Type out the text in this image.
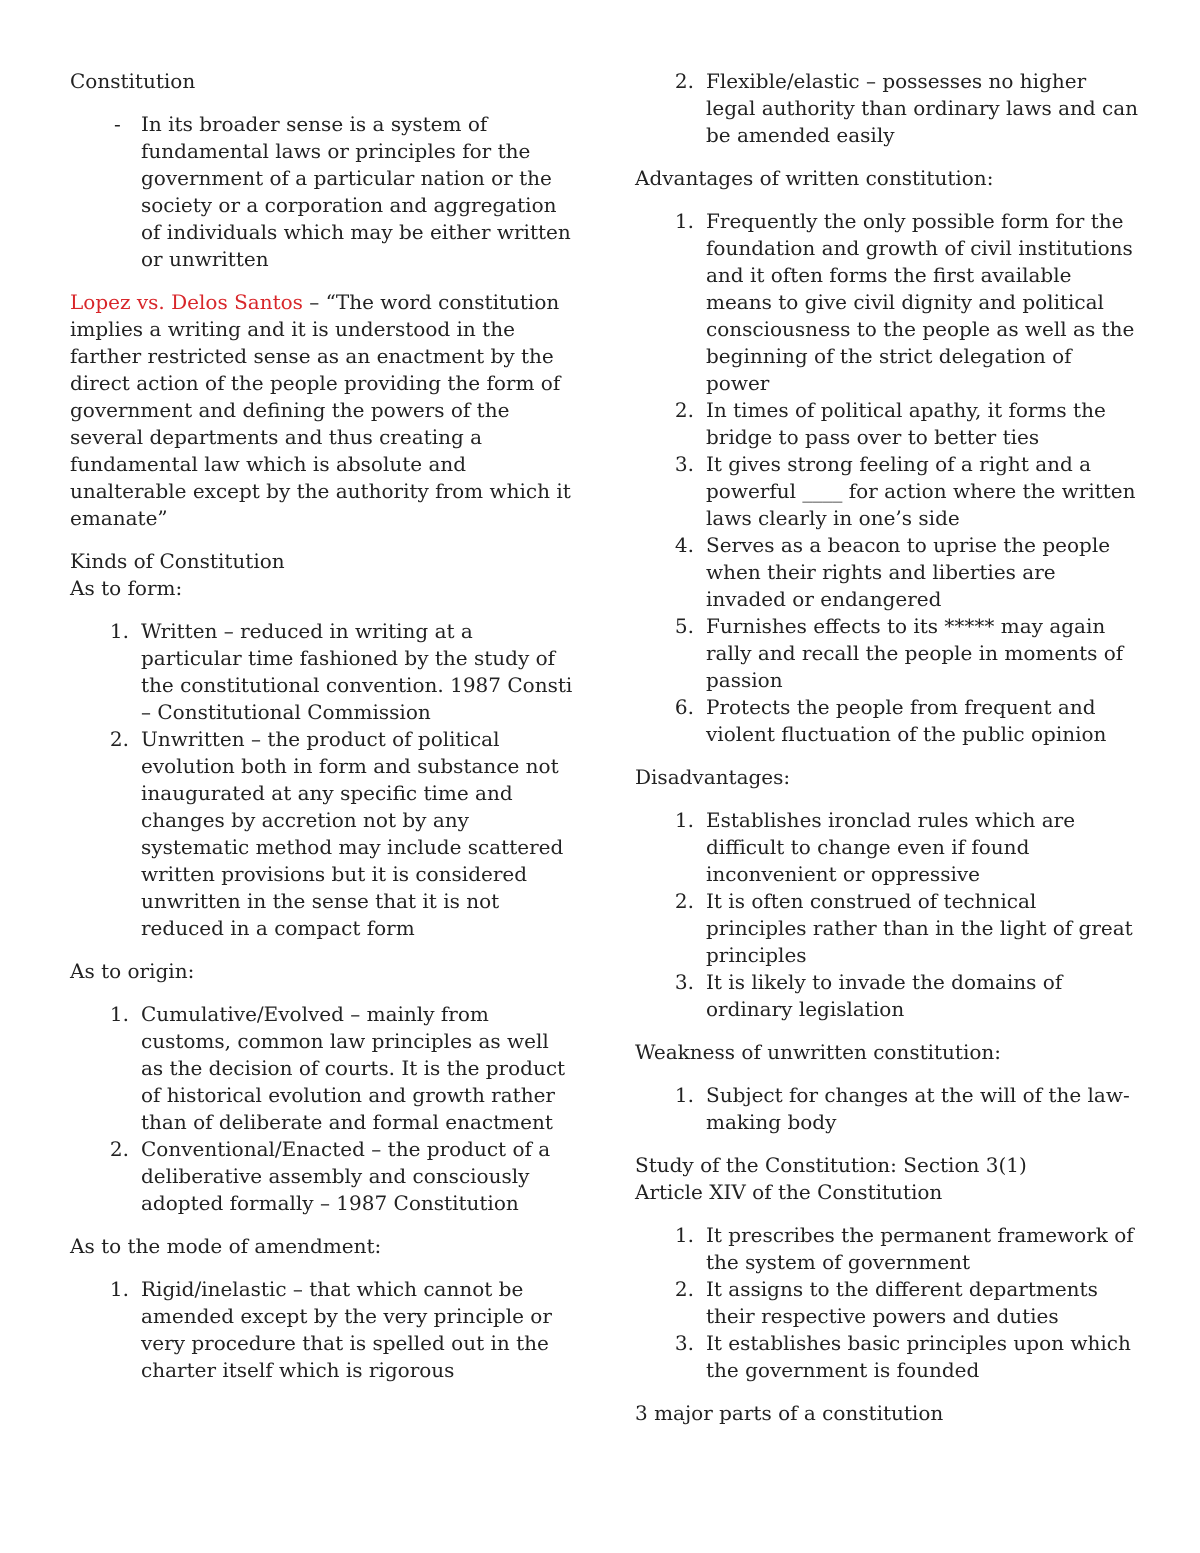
Constitution

- In its broader sense is a system of fundamental laws or principles for the government of a particular nation or the society or a corporation and aggregation of individuals which may be either written or unwritten

Lopez vs. Delos Santos – “The word constitution implies a writing and it is understood in the farther restricted sense as an enactment by the direct action of the people providing the form of government and defining the powers of the several departments and thus creating a fundamental law which is absolute and unalterable except by the authority from which it emanate”

Kinds of Constitution

As to form:

1. Written – reduced in writing at a particular time fashioned by the study of the constitutional convention. 1987 Consti – Constitutional Commission
2. Unwritten – the product of political evolution both in form and substance not inaugurated at any specific time and changes by accretion not by any systematic method may include scattered written provisions but it is considered unwritten in the sense that it is not reduced in a compact form

As to origin:

1. Cumulative/Evolved – mainly from customs, common law principles as well as the decision of courts. It is the product of historical evolution and growth rather than of deliberate and formal enactment
2. Conventional/Enacted – the product of a deliberative assembly and consciously adopted formally – 1987 Constitution

As to the mode of amendment:

1. Rigid/inelastic – that which cannot be amended except by the very principle or very procedure that is spelled out in the charter itself which is rigorous
2. Flexible/elastic – possesses no higher legal authority than ordinary laws and can be amended easily

Advantages of written constitution:

1. Frequently the only possible form for the foundation and growth of civil institutions and it often forms the first available means to give civil dignity and political consciousness to the people as well as the beginning of the strict delegation of power
2. In times of political apathy, it forms the bridge to pass over to better ties
3. It gives strong feeling of a right and a powerful ____ for action where the written laws clearly in one’s side
4. Serves as a beacon to uprise the people when their rights and liberties are invaded or endangered
5. Furnishes effects to its ***** may again rally and recall the people in moments of passion
6. Protects the people from frequent and violent fluctuation of the public opinion

Disadvantages:

1. Establishes ironclad rules which are difficult to change even if found inconvenient or oppressive
2. It is often construed of technical principles rather than in the light of great principles
3. It is likely to invade the domains of ordinary legislation

Weakness of unwritten constitution:

1. Subject for changes at the will of the law-making body

Study of the Constitution: Section 3(1)

Article XIV of the Constitution

1. It prescribes the permanent framework of the system of government
2. It assigns to the different departments their respective powers and duties
3. It establishes basic principles upon which the government is founded

3 major parts of a constitution
